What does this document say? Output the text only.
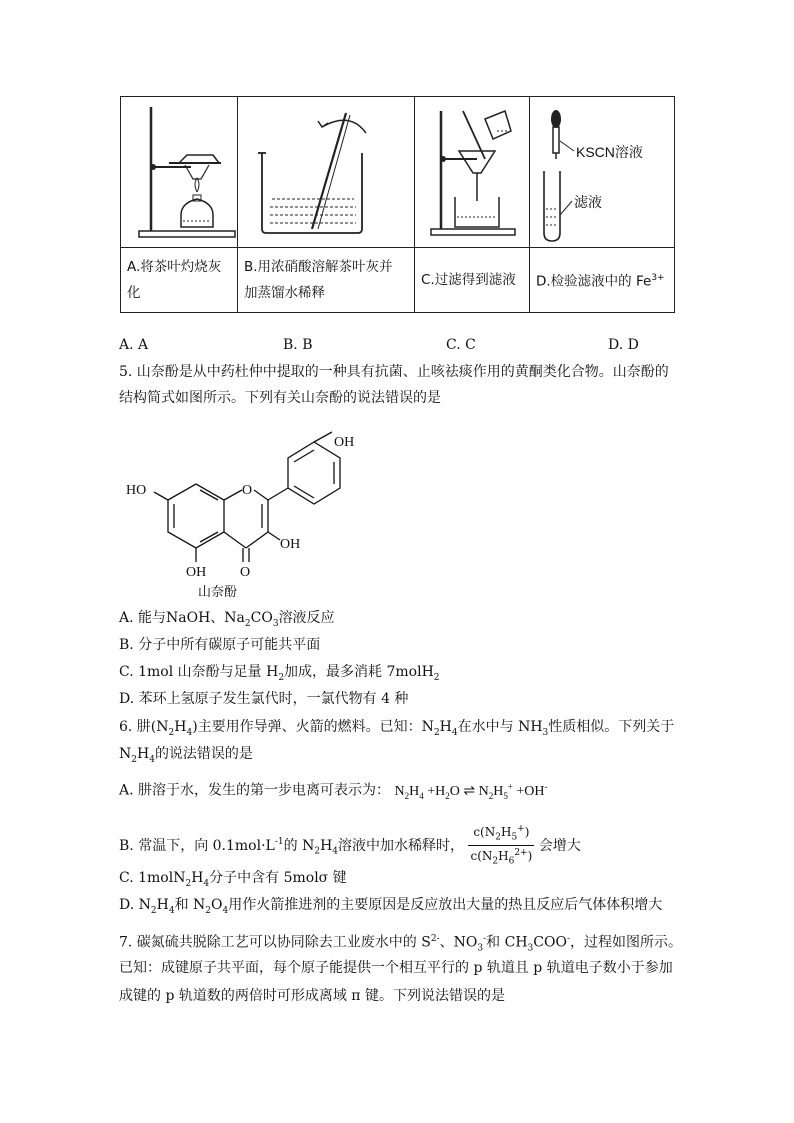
KSCN溶液
滤液

A.将茶叶灼烧灰
化	B.用浓硝酸溶解茶叶灰并
加蒸馏水稀释	C.过滤得到滤液	D.检验滤液中的 $Fe^{3+}$
A. A	B. B	C. C	D. D
5. 山奈酚是从中药杜仲中提取的一种具有抗菌、止咳祛痰作用的黄酮类化合物。山奈酚的
结构简式如图所示。下列有关山奈酚的说法错误的是
OH
HO	O
OH
O
OH
山奈酚
A. 能与NaOH、$Na_2CO_3$溶液反应
B. 分子中所有碳原子可能共平面
C. 1mol 山奈酚与足量 $H_2$加成，最多消耗 7molH$_2$
D. 苯环上氢原子发生氯代时，一氯代物有 4 种
6. 肼$(N_2H_4)$主要用作导弹、火箭的燃料。已知：$N_2H_4$在水中与 $NH_3$性质相似。下列关于
$N_2H_4$的说法错误的是
A. 肼溶于水，发生的第一步电离可表示为： $N_2H_4 +H_2O$ ⇌ $N_2H_5^+ +OH^-$
B. 常温下，向 $0.1mol\cdot L^{-1}$的 $N_2H_4$溶液中加水稀释时， $\frac{c(N_2H_5^+)}{c(N_2H_6^{2+})}$ 会增大
C. $1molN_2H_4$分子中含有 5molσ 键
D. $N_2H_4$和 $N_2O_4$用作火箭推进剂的主要原因是反应放出大量的热且反应后气体体积增大
7. 碳氮硫共脱除工艺可以协同除去工业废水中的 $S^{2-}$、$NO_3^-$和 $CH_3COO^-$，过程如图所示。
已知：成键原子共平面，每个原子能提供一个相互平行的 p 轨道且 p 轨道电子数小于参加
成键的 p 轨道数的两倍时可形成离域 π 键。下列说法错误的是
